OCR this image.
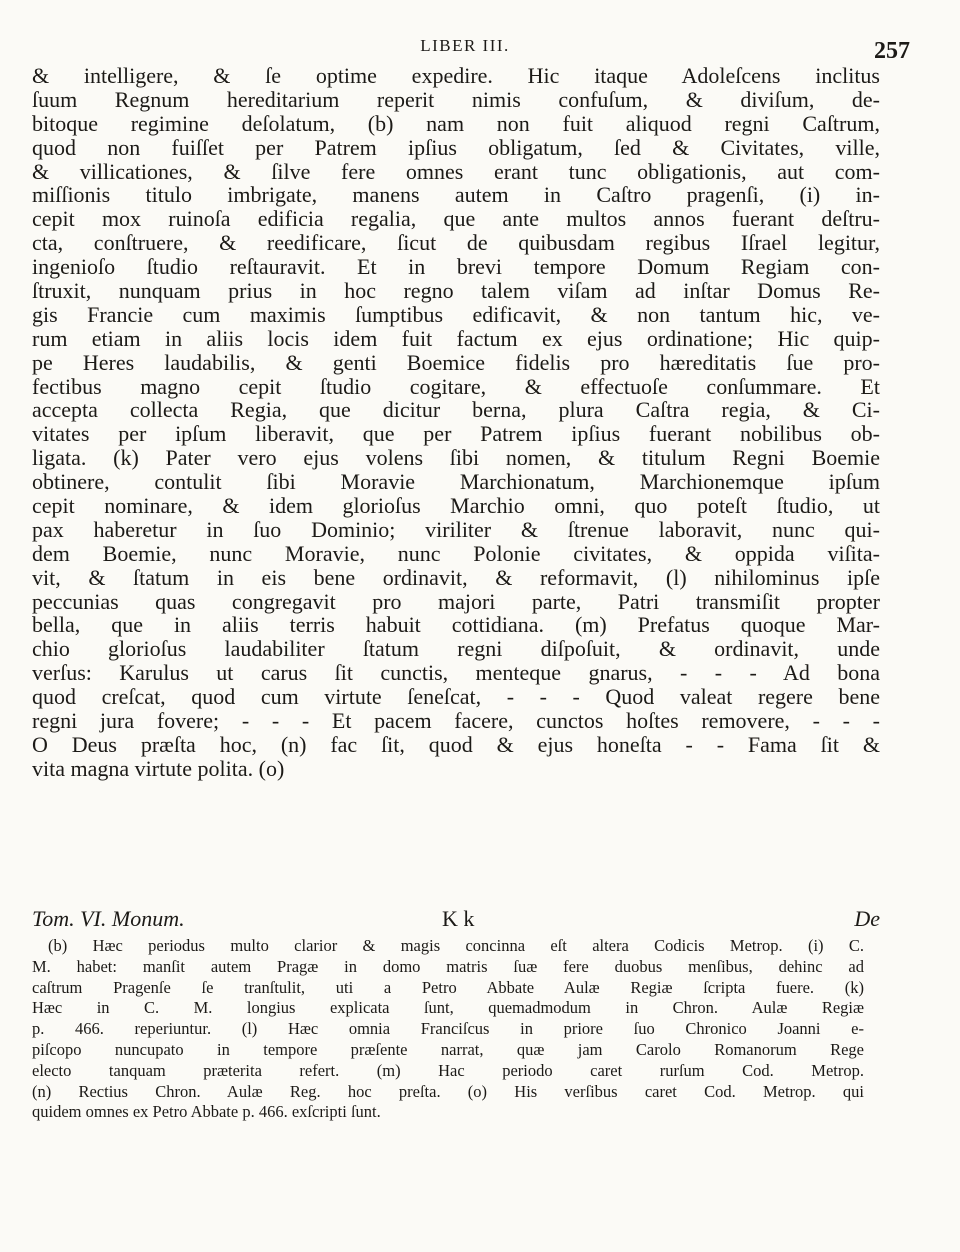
LIBER III.	257
& intelligere, & ſe optime expedire. Hic itaque Adoleſcens inclitus
ſuum Regnum hereditarium reperit nimis confuſum, & diviſum, de-
bitoque regimine deſolatum, (b) nam non fuit aliquod regni Caſtrum,
quod non fuiſſet per Patrem ipſius obligatum, ſed & Civitates, ville,
& villicationes, & ſilve fere omnes erant tunc obligationis, aut com-
miſſionis titulo imbrigate, manens autem in Caſtro pragenſi, (i) in-
cepit mox ruinoſa edificia regalia, que ante multos annos fuerant deſtru-
cta, conſtruere, & reedificare, ſicut de quibusdam regibus Iſrael legitur,
ingenioſo ſtudio reſtauravit. Et in brevi tempore Domum Regiam con-
ſtruxit, nunquam prius in hoc regno talem viſam ad inſtar Domus Re-
gis Francie cum maximis ſumptibus edificavit, & non tantum hic, ve-
rum etiam in aliis locis idem fuit factum ex ejus ordinatione; Hic quip-
pe Heres laudabilis, & genti Boemice fidelis pro hæreditatis ſue pro-
fectibus magno cepit ſtudio cogitare, & effectuoſe conſummare. Et
accepta collecta Regia, que dicitur berna, plura Caſtra regia, & Ci-
vitates per ipſum liberavit, que per Patrem ipſius fuerant nobilibus ob-
ligata. (k) Pater vero ejus volens ſibi nomen, & titulum Regni Boemie
obtinere, contulit ſibi Moravie Marchionatum, Marchionemque ipſum
cepit nominare, & idem glorioſus Marchio omni, quo poteſt ſtudio, ut
pax haberetur in ſuo Dominio; viriliter & ſtrenue laboravit, nunc qui-
dem Boemie, nunc Moravie, nunc Polonie civitates, & oppida viſita-
vit, & ſtatum in eis bene ordinavit, & reformavit, (l) nihilominus ipſe
peccunias quas congregavit pro majori parte, Patri transmiſit propter
bella, que in aliis terris habuit cottidiana. (m) Prefatus quoque Mar-
chio glorioſus laudabiliter ſtatum regni diſpoſuit, & ordinavit, unde
verſus: Karulus ut carus ſit cunctis, menteque gnarus, - - - Ad bona
quod creſcat, quod cum virtute ſeneſcat, - - - Quod valeat regere bene
regni jura fovere; - - - Et pacem facere, cunctos hoſtes removere, - - -
O Deus præſta hoc, (n) fac ſit, quod & ejus honeſta - - Fama ſit &
vita magna virtute polita. (o)
Tom. VI. Monum.	K k	De
(b) Hæc periodus multo clarior & magis concinna eſt altera Codicis Metrop. (i) C.
M. habet: manſit autem Pragæ in domo matris ſuæ fere duobus menſibus, dehinc ad
caſtrum Pragenſe ſe tranſtulit, uti a Petro Abbate Aulæ Regiæ ſcripta fuere. (k)
Hæc in C. M. longius explicata ſunt, quemadmodum in Chron. Aulæ Regiæ
p. 466. reperiuntur. (l) Hæc omnia Franciſcus in priore ſuo Chronico Joanni e-
piſcopo nuncupato in tempore præſente narrat, quæ jam Carolo Romanorum Rege
electo tanquam præterita refert. (m) Hac periodo caret rurſum Cod. Metrop.
(n) Rectius Chron. Aulæ Reg. hoc preſta. (o) His verſibus caret Cod. Metrop. qui
quidem omnes ex Petro Abbate p. 466. exſcripti ſunt.
